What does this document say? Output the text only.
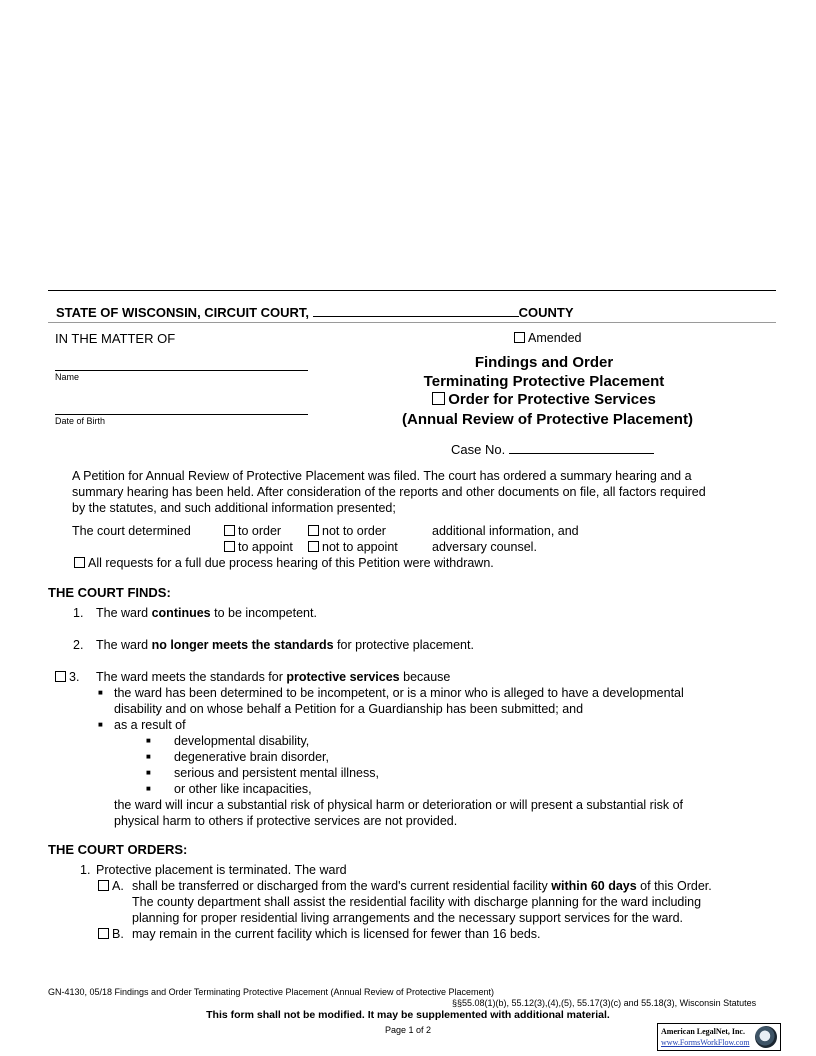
STATE OF WISCONSIN, CIRCUIT COURT,	COUNTY
IN THE MATTER OF
Name
Date of Birth
Amended
Findings and Order
Terminating Protective Placement
Order for Protective Services
(Annual Review of Protective Placement)
Case No.
A Petition for Annual Review of Protective Placement was filed. The court has ordered a summary hearing and a
summary hearing has been held. After consideration of the reports and other documents on file, all factors required
by the statutes, and such additional information presented;
The court determined	to order	not to order	additional information, and
to appoint	not to appoint	adversary counsel.
All requests for a full due process hearing of this Petition were withdrawn.
THE COURT FINDS:
1. The ward continues to be incompetent.
2. The ward no longer meets the standards for protective placement.
3. The ward meets the standards for protective services because
■ the ward has been determined to be incompetent, or is a minor who is alleged to have a developmental
disability and on whose behalf a Petition for a Guardianship has been submitted; and
■ as a result of
■ developmental disability,
■ degenerative brain disorder,
■ serious and persistent mental illness,
■ or other like incapacities,
the ward will incur a substantial risk of physical harm or deterioration or will present a substantial risk of
physical harm to others if protective services are not provided.
THE COURT ORDERS:
1. Protective placement is terminated. The ward
A. shall be transferred or discharged from the ward's current residential facility within 60 days of this Order.
The county department shall assist the residential facility with discharge planning for the ward including
planning for proper residential living arrangements and the necessary support services for the ward.
B. may remain in the current facility which is licensed for fewer than 16 beds.
GN-4130, 05/18 Findings and Order Terminating Protective Placement (Annual Review of Protective Placement)
§§55.08(1)(b), 55.12(3),(4),(5), 55.17(3)(c) and 55.18(3), Wisconsin Statutes
This form shall not be modified. It may be supplemented with additional material.
Page 1 of 2	American LegalNet, Inc.
www.FormsWorkFlow.com
